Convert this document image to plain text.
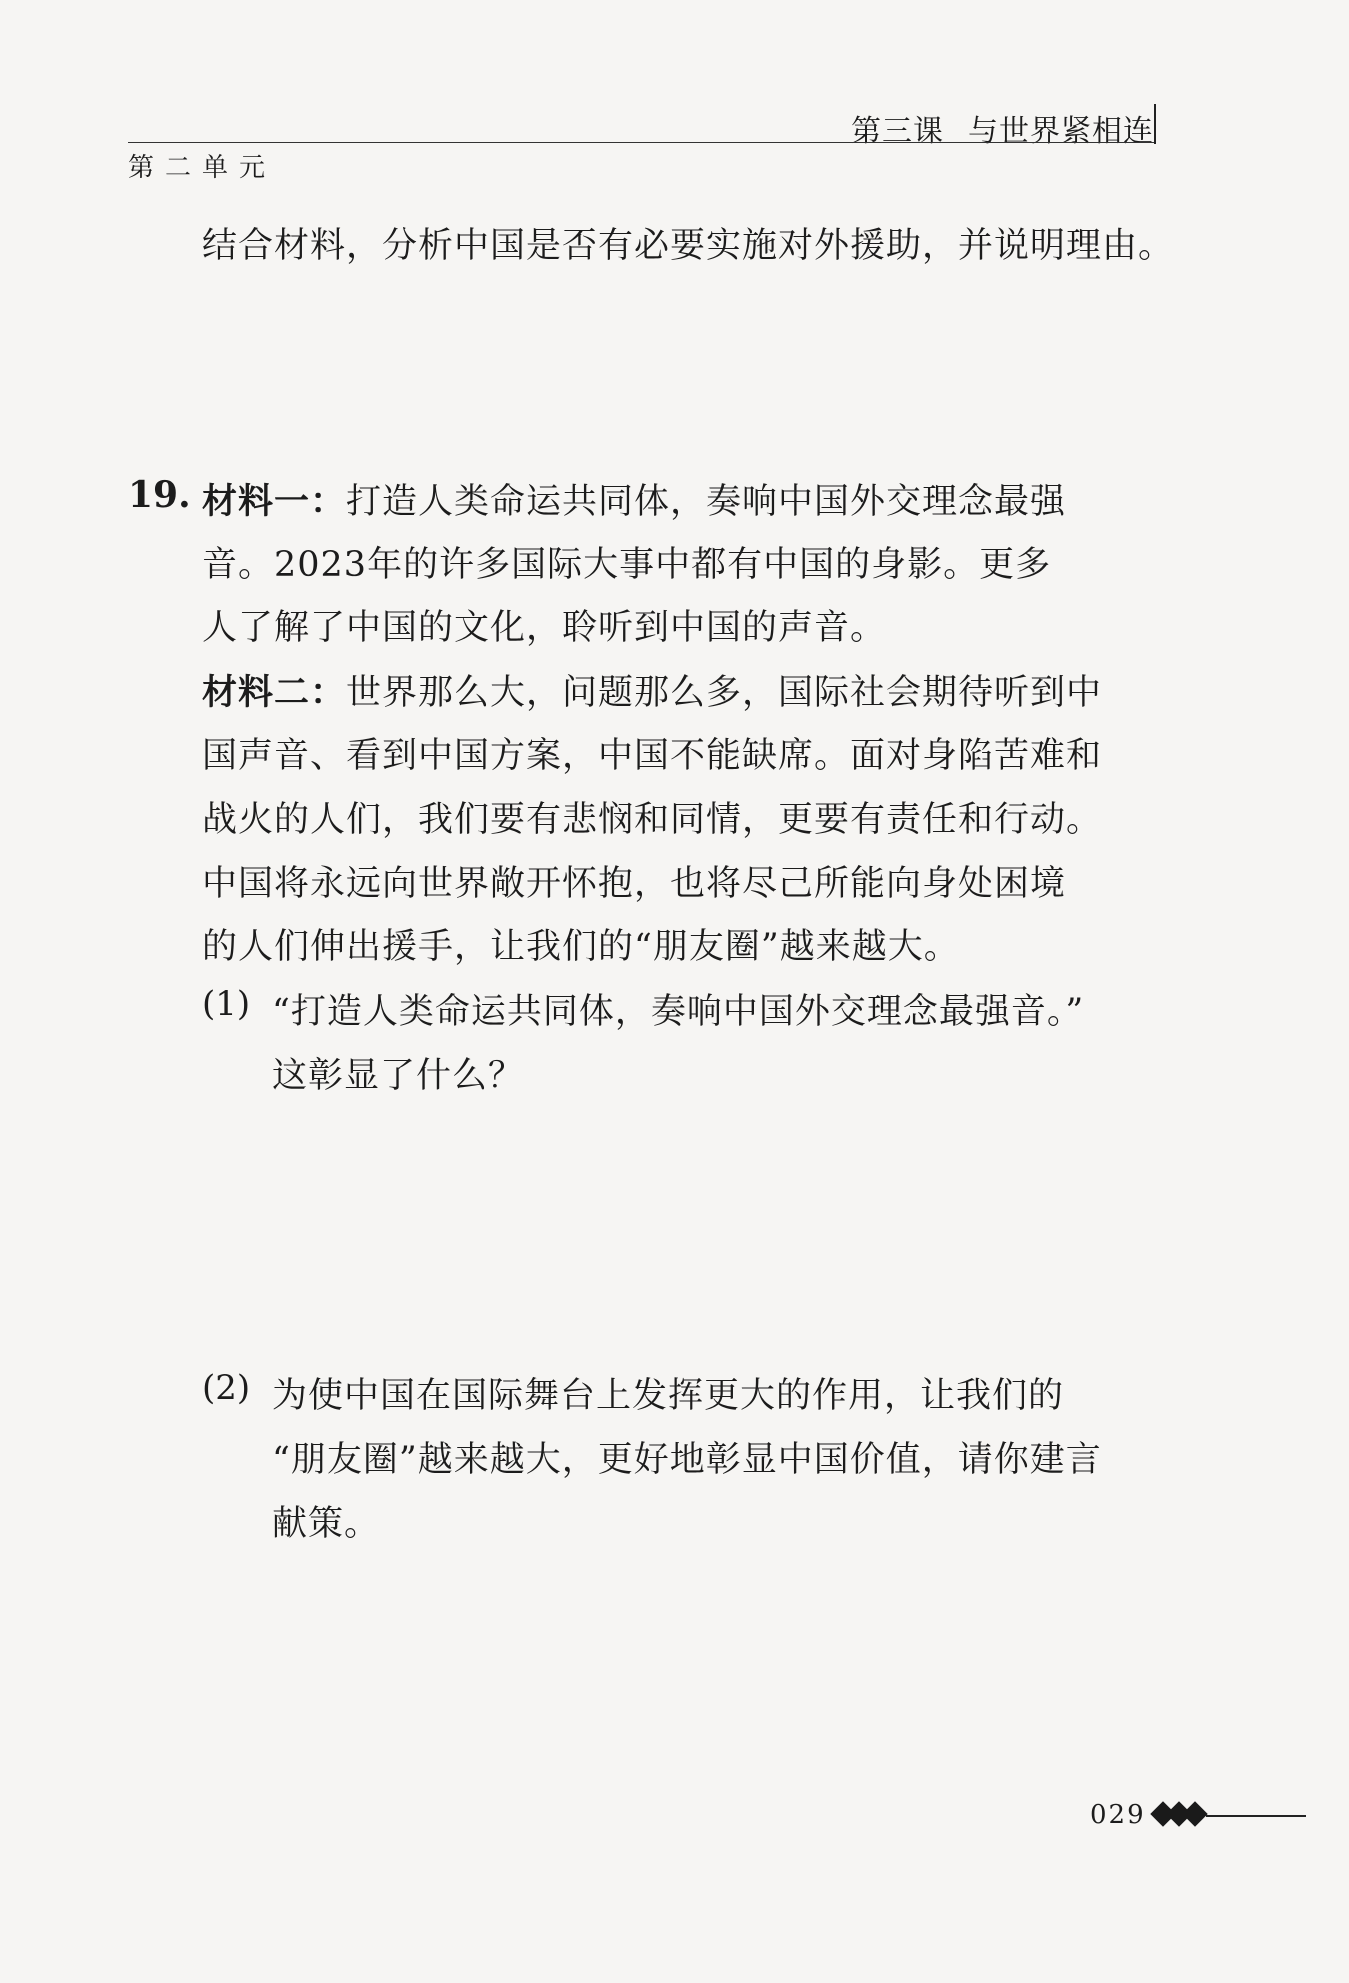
第三课 与世界紧相连
第二单元
结合材料，分析中国是否有必要实施对外援助，并说明理由。
19. 材料一：打造人类命运共同体，奏响中国外交理念最强
音。2023年的许多国际大事中都有中国的身影。更多
人了解了中国的文化，聆听到中国的声音。
材料二：世界那么大，问题那么多，国际社会期待听到中
国声音、看到中国方案，中国不能缺席。面对身陷苦难和
战火的人们，我们要有悲悯和同情，更要有责任和行动。
中国将永远向世界敞开怀抱，也将尽己所能向身处困境
的人们伸出援手，让我们的“朋友圈”越来越大。
(1) “打造人类命运共同体，奏响中国外交理念最强音。”
这彰显了什么？
(2) 为使中国在国际舞台上发挥更大的作用，让我们的
“朋友圈”越来越大，更好地彰显中国价值，请你建言
献策。
029
